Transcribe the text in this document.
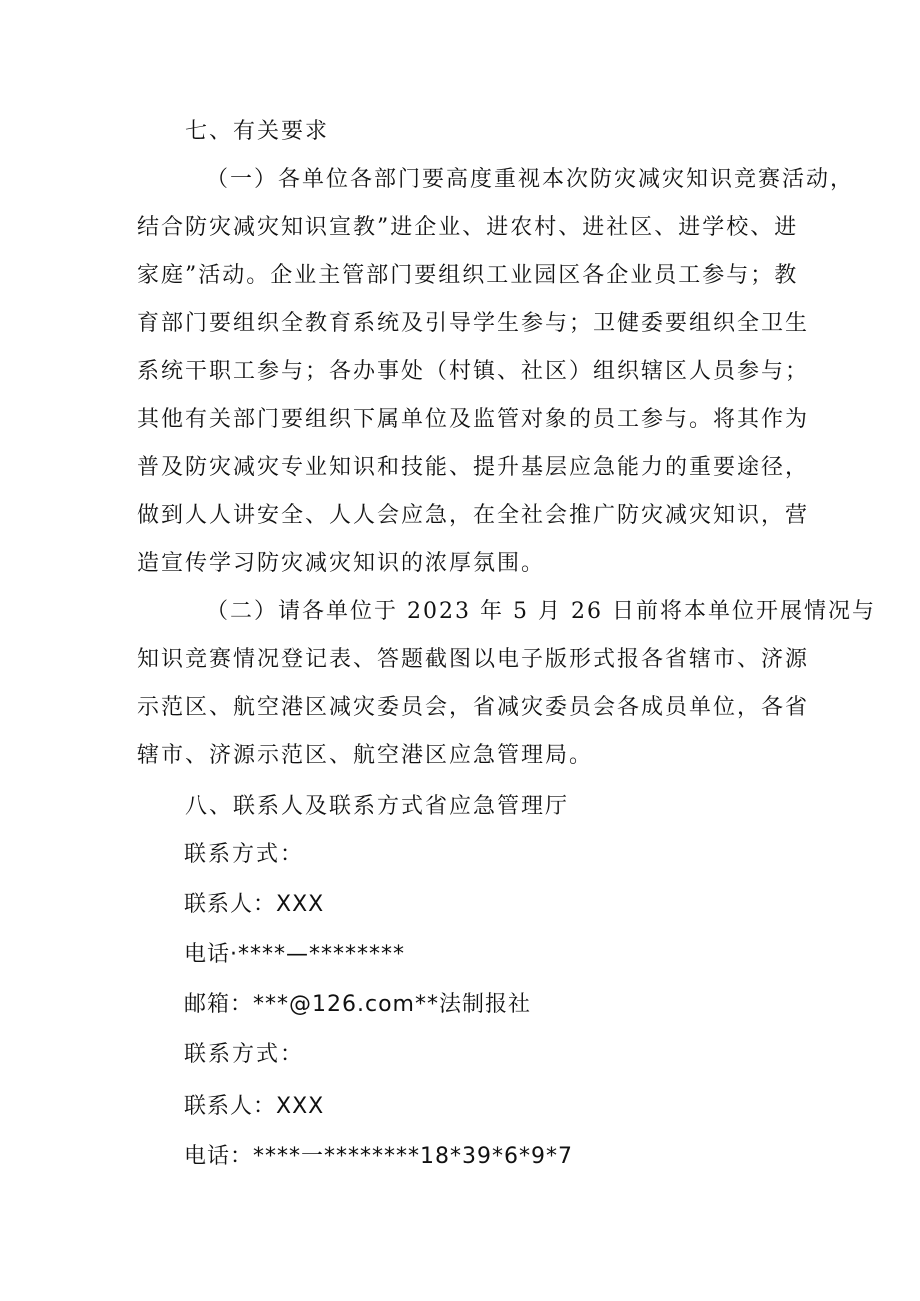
七、有关要求
（一）各单位各部门要高度重视本次防灾减灾知识竞赛活动，
结合防灾减灾知识宣教”进企业、进农村、进社区、进学校、进
家庭”活动。企业主管部门要组织工业园区各企业员工参与；教
育部门要组织全教育系统及引导学生参与；卫健委要组织全卫生
系统干职工参与；各办事处（村镇、社区）组织辖区人员参与；
其他有关部门要组织下属单位及监管对象的员工参与。将其作为
普及防灾减灾专业知识和技能、提升基层应急能力的重要途径，
做到人人讲安全、人人会应急，在全社会推广防灾减灾知识，营
造宣传学习防灾减灾知识的浓厚氛围。
（二）请各单位于 2023 年 5 月 26 日前将本单位开展情况与
知识竞赛情况登记表、答题截图以电子版形式报各省辖市、济源
示范区、航空港区减灾委员会，省减灾委员会各成员单位，各省
辖市、济源示范区、航空港区应急管理局。
八、联系人及联系方式省应急管理厅
联系方式：
联系人：XXX
电话·****—********
邮箱：***@126.com**法制报社
联系方式：
联系人：XXX
电话：****一********18*39*6*9*7
